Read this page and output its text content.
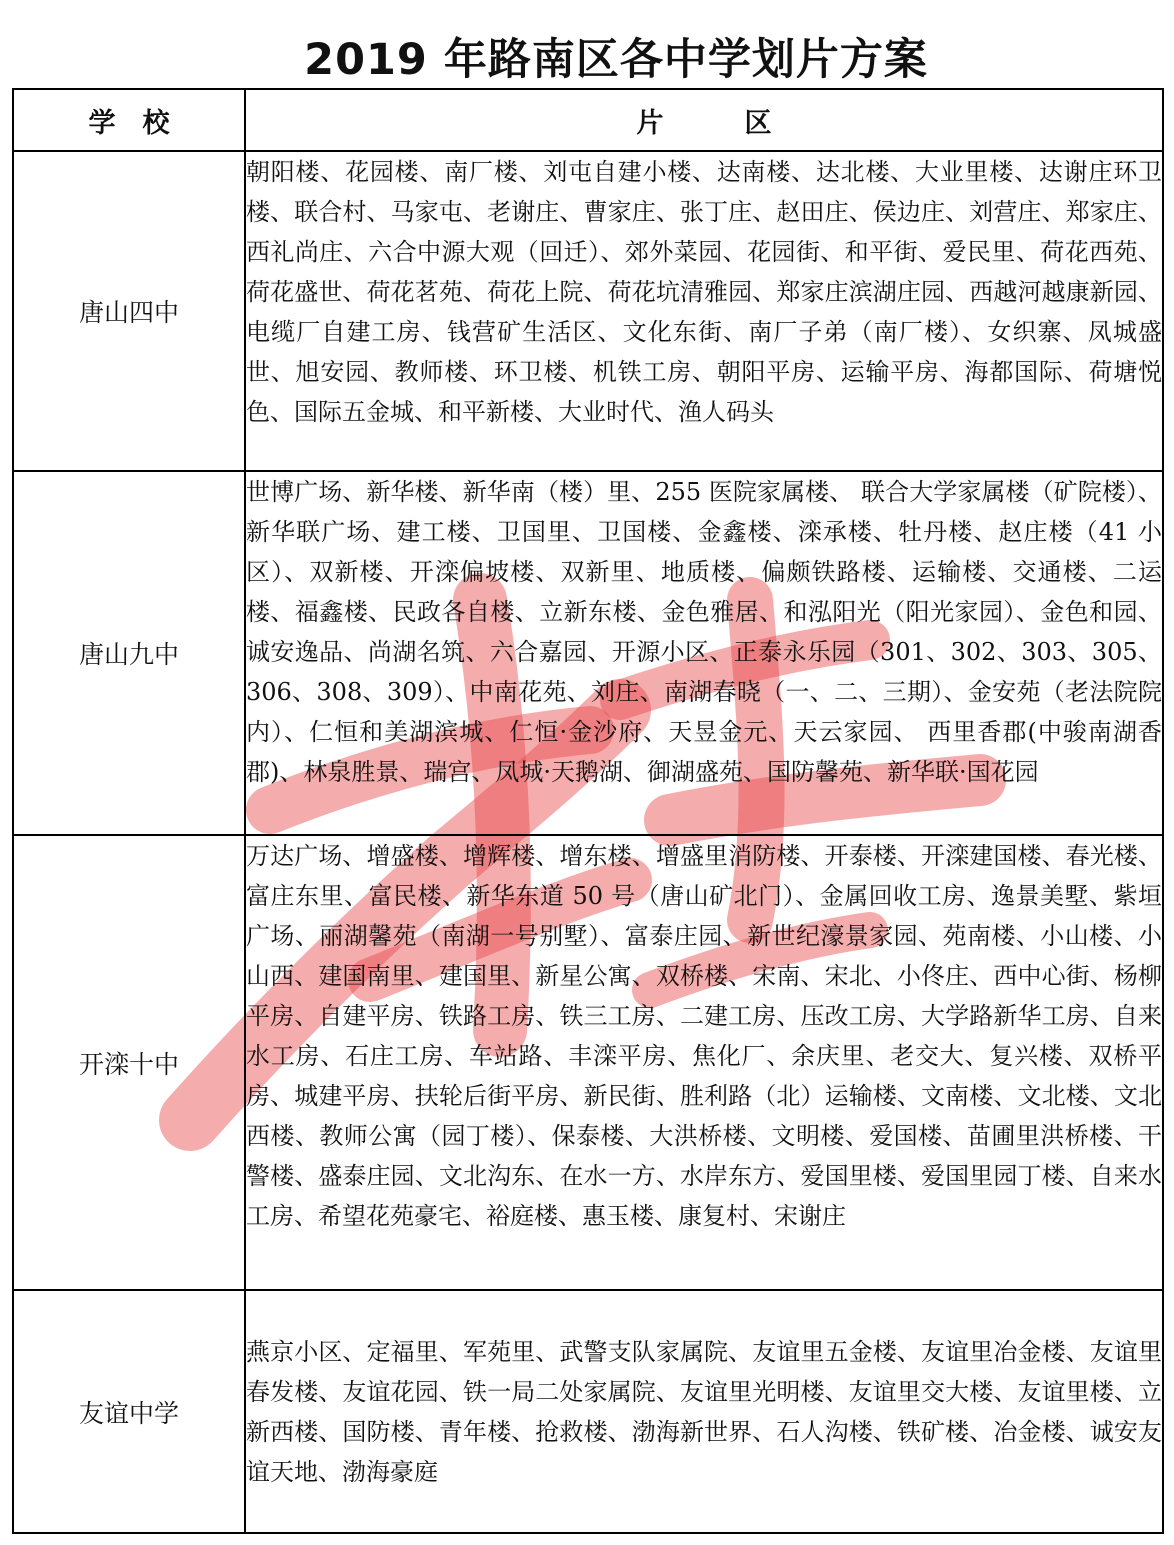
2019 年路南区各中学划片方案
学　校	片　　　区
唐山四中	朝阳楼、花园楼、南厂楼、刘屯自建小楼、达南楼、达北楼、大业里楼、达谢庄环卫楼、联合村、马家屯、老谢庄、曹家庄、张丁庄、赵田庄、侯边庄、刘营庄、郑家庄、西礼尚庄、六合中源大观（回迁）、郊外菜园、花园街、和平街、爱民里、荷花西苑、荷花盛世、荷花茗苑、荷花上院、荷花坑清雅园、郑家庄滨湖庄园、西越河越康新园、电缆厂自建工房、钱营矿生活区、文化东街、南厂子弟（南厂楼）、女织寨、凤城盛世、旭安园、教师楼、环卫楼、机铁工房、朝阳平房、运输平房、海都国际、荷塘悦色、国际五金城、和平新楼、大业时代、渔人码头
唐山九中	世博广场、新华楼、新华南（楼）里、255 医院家属楼、 联合大学家属楼（矿院楼）、新华联广场、建工楼、卫国里、卫国楼、金鑫楼、滦承楼、牡丹楼、赵庄楼（41 小区）、双新楼、开滦偏坡楼、双新里、地质楼、偏颇铁路楼、运输楼、交通楼、二运楼、福鑫楼、民政各自楼、立新东楼、金色雅居、和泓阳光（阳光家园）、金色和园、诚安逸品、尚湖名筑、六合嘉园、开源小区、正泰永乐园（301、302、303、305、306、308、309）、中南花苑、刘庄、南湖春晓（一、二、三期）、金安苑（老法院院内）、仁恒和美湖滨城、仁恒·金沙府、天昱金元、天云家园、 西里香郡(中骏南湖香郡)、林泉胜景、瑞宫、凤城·天鹅湖、御湖盛苑、国防馨苑、新华联·国花园
开滦十中	万达广场、增盛楼、增辉楼、增东楼、增盛里消防楼、开泰楼、开滦建国楼、春光楼、富庄东里、富民楼、新华东道 50 号（唐山矿北门）、金属回收工房、逸景美墅、紫垣广场、丽湖馨苑（南湖一号别墅）、富泰庄园、新世纪濠景家园、苑南楼、小山楼、小山西、建国南里、建国里、新星公寓、双桥楼、宋南、宋北、小佟庄、西中心街、杨柳平房、自建平房、铁路工房、铁三工房、二建工房、压改工房、大学路新华工房、自来水工房、石庄工房、车站路、丰滦平房、焦化厂、余庆里、老交大、复兴楼、双桥平房、城建平房、扶轮后街平房、新民街、胜利路（北）运输楼、文南楼、文北楼、文北西楼、教师公寓（园丁楼）、保泰楼、大洪桥楼、文明楼、爱国楼、苗圃里洪桥楼、干警楼、盛泰庄园、文北沟东、在水一方、水岸东方、爱国里楼、爱国里园丁楼、自来水工房、希望花苑豪宅、裕庭楼、惠玉楼、康复村、宋谢庄
友谊中学	燕京小区、定福里、军苑里、武警支队家属院、友谊里五金楼、友谊里冶金楼、友谊里春发楼、友谊花园、铁一局二处家属院、友谊里光明楼、友谊里交大楼、友谊里楼、立新西楼、国防楼、青年楼、抢救楼、渤海新世界、石人沟楼、铁矿楼、冶金楼、诚安友谊天地、渤海豪庭
